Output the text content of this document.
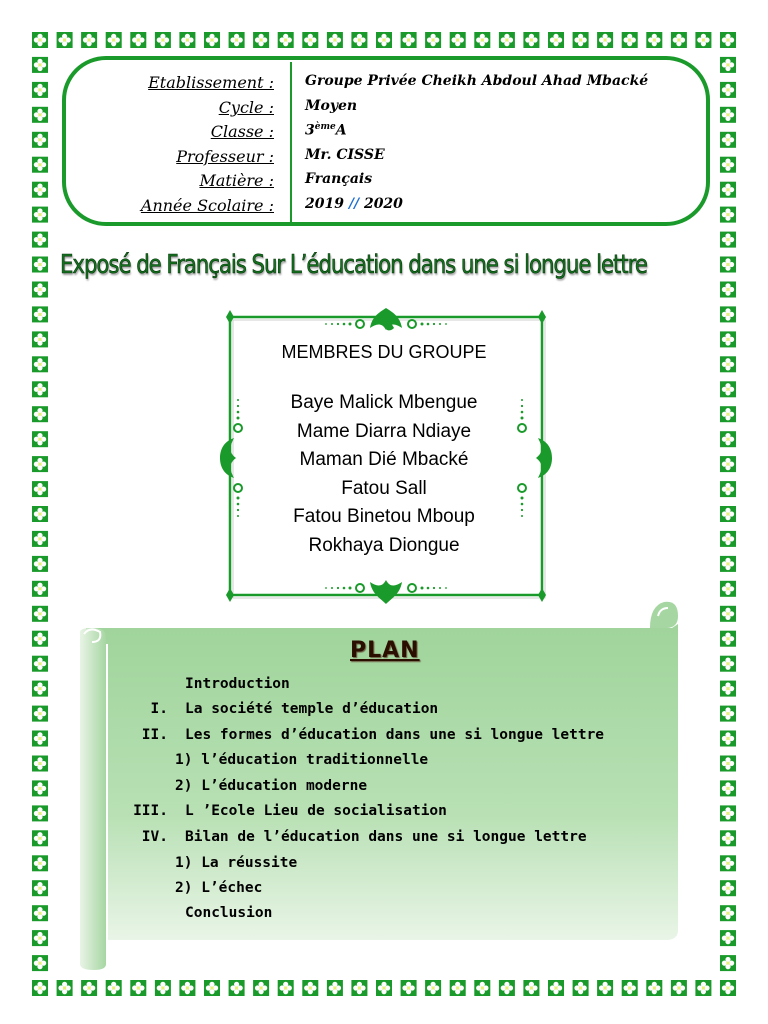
Etablissement : Groupe Privée Cheikh Abdoul Ahad Mbacké
Cycle : Moyen
Classe : 3èmeA
Professeur : Mr. CISSE
Matière : Français
Année Scolaire : 2019 // 2020
Exposé de Français Sur L’éducation dans une si longue lettre
MEMBRES DU GROUPE
Baye Malick Mbengue
Mame Diarra Ndiaye
Maman Dié Mbacké
Fatou Sall
Fatou Binetou Mboup
Rokhaya Diongue
PLAN
Introduction
I. La société temple d’éducation
II. Les formes d’éducation dans une si longue lettre
1) l’éducation traditionnelle
2) L’éducation moderne
III. L ’Ecole Lieu de socialisation
IV. Bilan de l’éducation dans une si longue lettre
1) La réussite
2) L’échec
Conclusion
